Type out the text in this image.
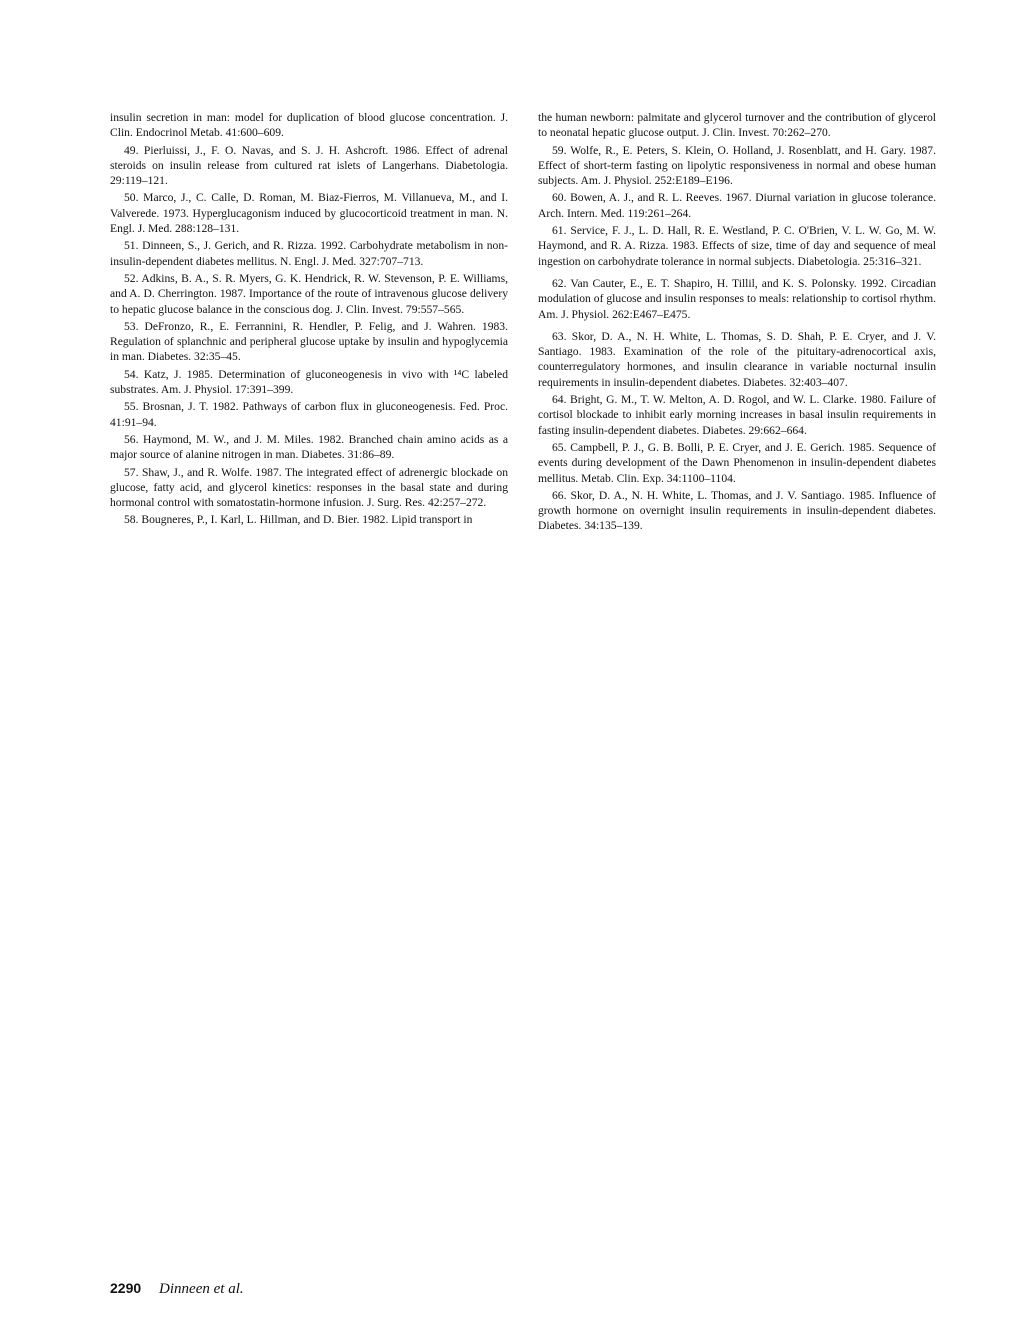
insulin secretion in man: model for duplication of blood glucose concentration. J. Clin. Endocrinol Metab. 41:600–609.

49. Pierluissi, J., F. O. Navas, and S. J. H. Ashcroft. 1986. Effect of adrenal steroids on insulin release from cultured rat islets of Langerhans. Diabetologia. 29:119–121.

50. Marco, J., C. Calle, D. Roman, M. Biaz-Fierros, M. Villanueva, M., and I. Valverede. 1973. Hyperglucagonism induced by glucocorticoid treatment in man. N. Engl. J. Med. 288:128–131.

51. Dinneen, S., J. Gerich, and R. Rizza. 1992. Carbohydrate metabolism in non-insulin-dependent diabetes mellitus. N. Engl. J. Med. 327:707–713.

52. Adkins, B. A., S. R. Myers, G. K. Hendrick, R. W. Stevenson, P. E. Williams, and A. D. Cherrington. 1987. Importance of the route of intravenous glucose delivery to hepatic glucose balance in the conscious dog. J. Clin. Invest. 79:557–565.

53. DeFronzo, R., E. Ferrannini, R. Hendler, P. Felig, and J. Wahren. 1983. Regulation of splanchnic and peripheral glucose uptake by insulin and hypoglycemia in man. Diabetes. 32:35–45.

54. Katz, J. 1985. Determination of gluconeogenesis in vivo with ¹⁴C labeled substrates. Am. J. Physiol. 17:391–399.

55. Brosnan, J. T. 1982. Pathways of carbon flux in gluconeogenesis. Fed. Proc. 41:91–94.

56. Haymond, M. W., and J. M. Miles. 1982. Branched chain amino acids as a major source of alanine nitrogen in man. Diabetes. 31:86–89.

57. Shaw, J., and R. Wolfe. 1987. The integrated effect of adrenergic blockade on glucose, fatty acid, and glycerol kinetics: responses in the basal state and during hormonal control with somatostatin-hormone infusion. J. Surg. Res. 42:257–272.

58. Bougneres, P., I. Karl, L. Hillman, and D. Bier. 1982. Lipid transport in

the human newborn: palmitate and glycerol turnover and the contribution of glycerol to neonatal hepatic glucose output. J. Clin. Invest. 70:262–270.

59. Wolfe, R., E. Peters, S. Klein, O. Holland, J. Rosenblatt, and H. Gary. 1987. Effect of short-term fasting on lipolytic responsiveness in normal and obese human subjects. Am. J. Physiol. 252:E189–E196.

60. Bowen, A. J., and R. L. Reeves. 1967. Diurnal variation in glucose tolerance. Arch. Intern. Med. 119:261–264.

61. Service, F. J., L. D. Hall, R. E. Westland, P. C. O'Brien, V. L. W. Go, M. W. Haymond, and R. A. Rizza. 1983. Effects of size, time of day and sequence of meal ingestion on carbohydrate tolerance in normal subjects. Diabetologia. 25:316–321.

62. Van Cauter, E., E. T. Shapiro, H. Tillil, and K. S. Polonsky. 1992. Circadian modulation of glucose and insulin responses to meals: relationship to cortisol rhythm. Am. J. Physiol. 262:E467–E475.

63. Skor, D. A., N. H. White, L. Thomas, S. D. Shah, P. E. Cryer, and J. V. Santiago. 1983. Examination of the role of the pituitary-adrenocortical axis, counterregulatory hormones, and insulin clearance in variable nocturnal insulin requirements in insulin-dependent diabetes. Diabetes. 32:403–407.

64. Bright, G. M., T. W. Melton, A. D. Rogol, and W. L. Clarke. 1980. Failure of cortisol blockade to inhibit early morning increases in basal insulin requirements in fasting insulin-dependent diabetes. Diabetes. 29:662–664.

65. Campbell, P. J., G. B. Bolli, P. E. Cryer, and J. E. Gerich. 1985. Sequence of events during development of the Dawn Phenomenon in insulin-dependent diabetes mellitus. Metab. Clin. Exp. 34:1100–1104.

66. Skor, D. A., N. H. White, L. Thomas, and J. V. Santiago. 1985. Influence of growth hormone on overnight insulin requirements in insulin-dependent diabetes. Diabetes. 34:135–139.

2290 Dinneen et al.
